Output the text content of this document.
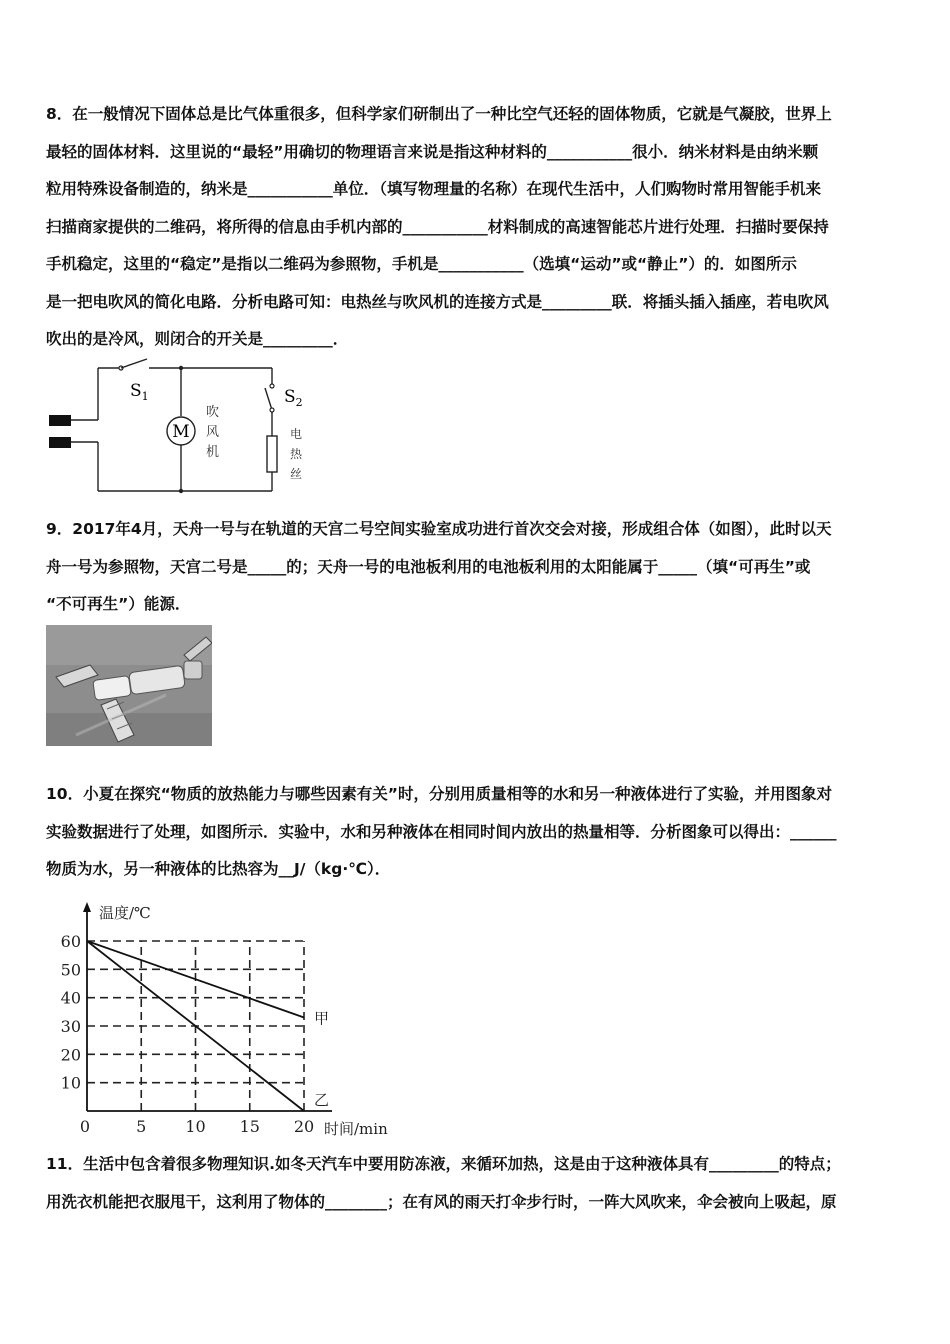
8．在一般情况下固体总是比气体重很多，但科学家们研制出了一种比空气还轻的固体物质，它就是气凝胶，世界上

最轻的固体材料．这里说的“最轻”用确切的物理语言来说是指这种材料的___________很小．纳米材料是由纳米颗

粒用特殊设备制造的，纳米是___________单位．（填写物理量的名称）在现代生活中，人们购物时常用智能手机来

扫描商家提供的二维码，将所得的信息由手机内部的___________材料制成的高速智能芯片进行处理．扫描时要保持

手机稳定，这里的“稳定”是指以二维码为参照物，手机是___________（选填“运动”或“静止”）的．如图所示

是一把电吹风的简化电路．分析电路可知：电热丝与吹风机的连接方式是_________联．将插头插入插座，若电吹风

吹出的是冷风，则闭合的开关是_________．

$S_1$
M
吹
风
机
$S_2$
电
热
丝

9．2017年4月，天舟一号与在轨道的天宫二号空间实验室成功进行首次交会对接，形成组合体（如图），此时以天

舟一号为参照物，天宫二号是_____的；天舟一号的电池板利用的电池板利用的太阳能属于_____（填“可再生”或

“不可再生”）能源．

10．小夏在探究“物质的放热能力与哪些因素有关”时，分别用质量相等的水和另一种液体进行了实验，并用图象对

实验数据进行了处理，如图所示．实验中，水和另种液体在相同时间内放出的热量相等．分析图象可以得出：______

物质为水，另一种液体的比热容为__J/（kg·℃）．

10
20
30
40
50
60
0	5 10 15 20
温度/℃
时间/min
甲
乙

11．生活中包含着很多物理知识.如冬天汽车中要用防冻液，来循环加热，这是由于这种液体具有_________的特点；

用洗衣机能把衣服甩干，这利用了物体的________；在有风的雨天打伞步行时，一阵大风吹来，伞会被向上吸起，原
